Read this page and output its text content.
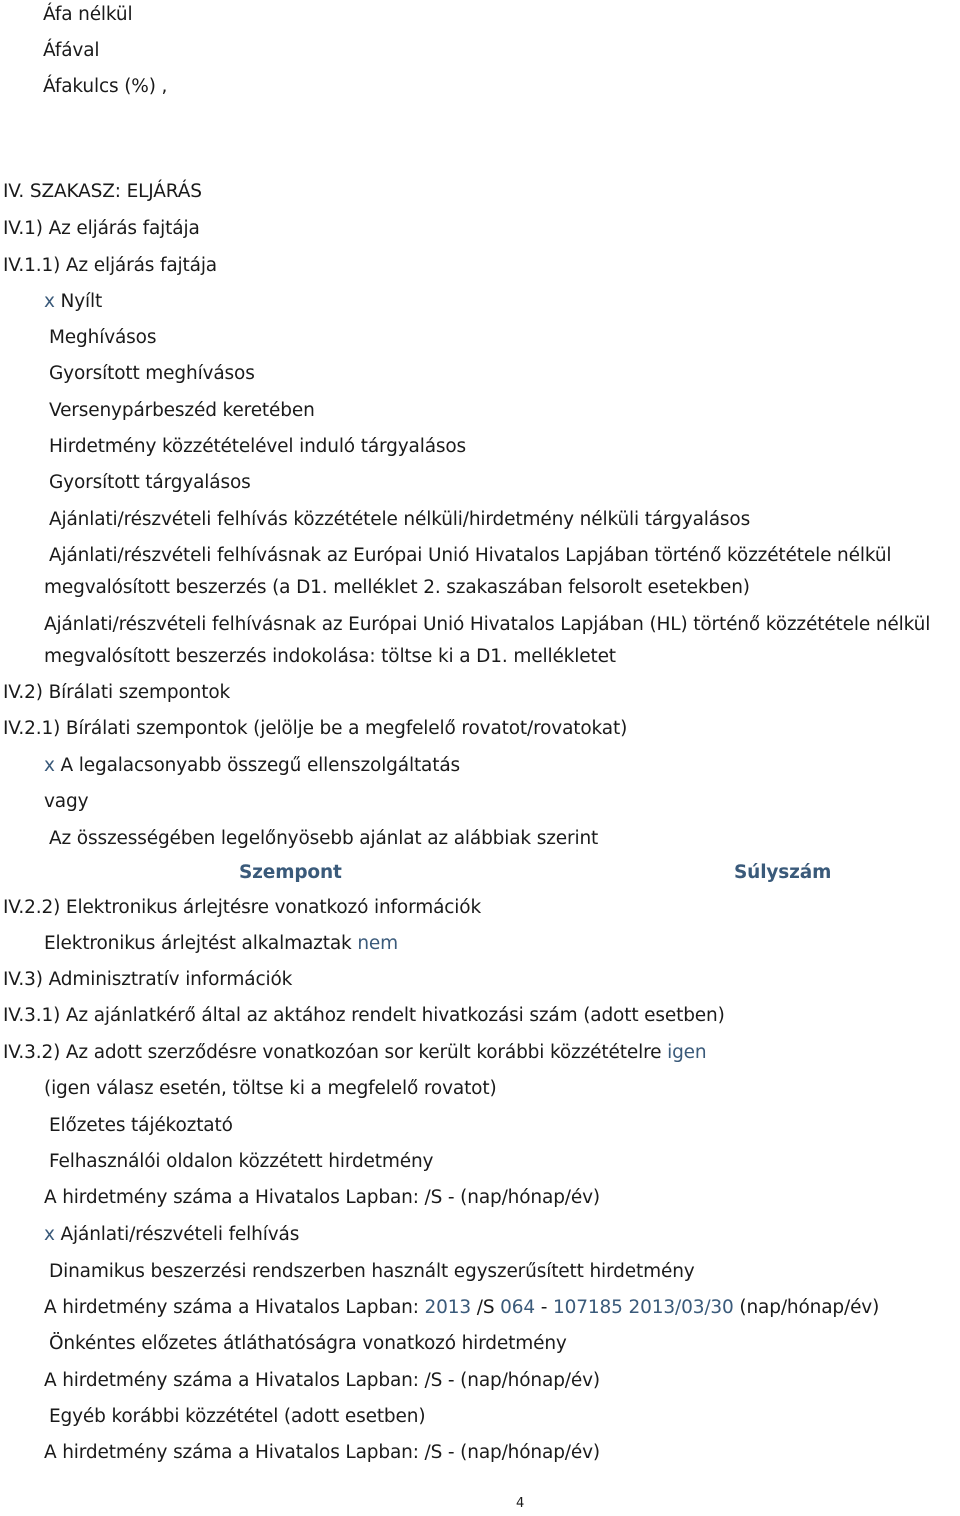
Áfa nélkül
Áfával
Áfakulcs (%) ,
IV. SZAKASZ: ELJÁRÁS
IV.1) Az eljárás fajtája
IV.1.1) Az eljárás fajtája
x Nyílt
Meghívásos
Gyorsított meghívásos
Versenypárbeszéd keretében
Hirdetmény közzétételével induló tárgyalásos
Gyorsított tárgyalásos
Ajánlati/részvételi felhívás közzététele nélküli/hirdetmény nélküli tárgyalásos
Ajánlati/részvételi felhívásnak az Európai Unió Hivatalos Lapjában történő közzététele nélkül megvalósított beszerzés (a D1. melléklet 2. szakaszában felsorolt esetekben)
Ajánlati/részvételi felhívásnak az Európai Unió Hivatalos Lapjában (HL) történő közzététele nélkül megvalósított beszerzés indokolása: töltse ki a D1. mellékletet
IV.2) Bírálati szempontok
IV.2.1) Bírálati szempontok (jelölje be a megfelelő rovatot/rovatokat)
x A legalacsonyabb összegű ellenszolgáltatás
vagy
Az összességében legelőnyösebb ajánlat az alábbiak szerint
Szempont	Súlyszám
IV.2.2) Elektronikus árlejtésre vonatkozó információk
Elektronikus árlejtést alkalmaztak nem
IV.3) Adminisztratív információk
IV.3.1) Az ajánlatkérő által az aktához rendelt hivatkozási szám (adott esetben)
IV.3.2) Az adott szerződésre vonatkozóan sor került korábbi közzétételre igen
(igen válasz esetén, töltse ki a megfelelő rovatot)
Előzetes tájékoztató
Felhasználói oldalon közzétett hirdetmény
A hirdetmény száma a Hivatalos Lapban: /S - (nap/hónap/év)
x Ajánlati/részvételi felhívás
Dinamikus beszerzési rendszerben használt egyszerűsített hirdetmény
A hirdetmény száma a Hivatalos Lapban: 2013 /S 064 - 107185 2013/03/30 (nap/hónap/év)
Önkéntes előzetes átláthatóságra vonatkozó hirdetmény
A hirdetmény száma a Hivatalos Lapban: /S - (nap/hónap/év)
Egyéb korábbi közzététel (adott esetben)
A hirdetmény száma a Hivatalos Lapban: /S - (nap/hónap/év)
4
